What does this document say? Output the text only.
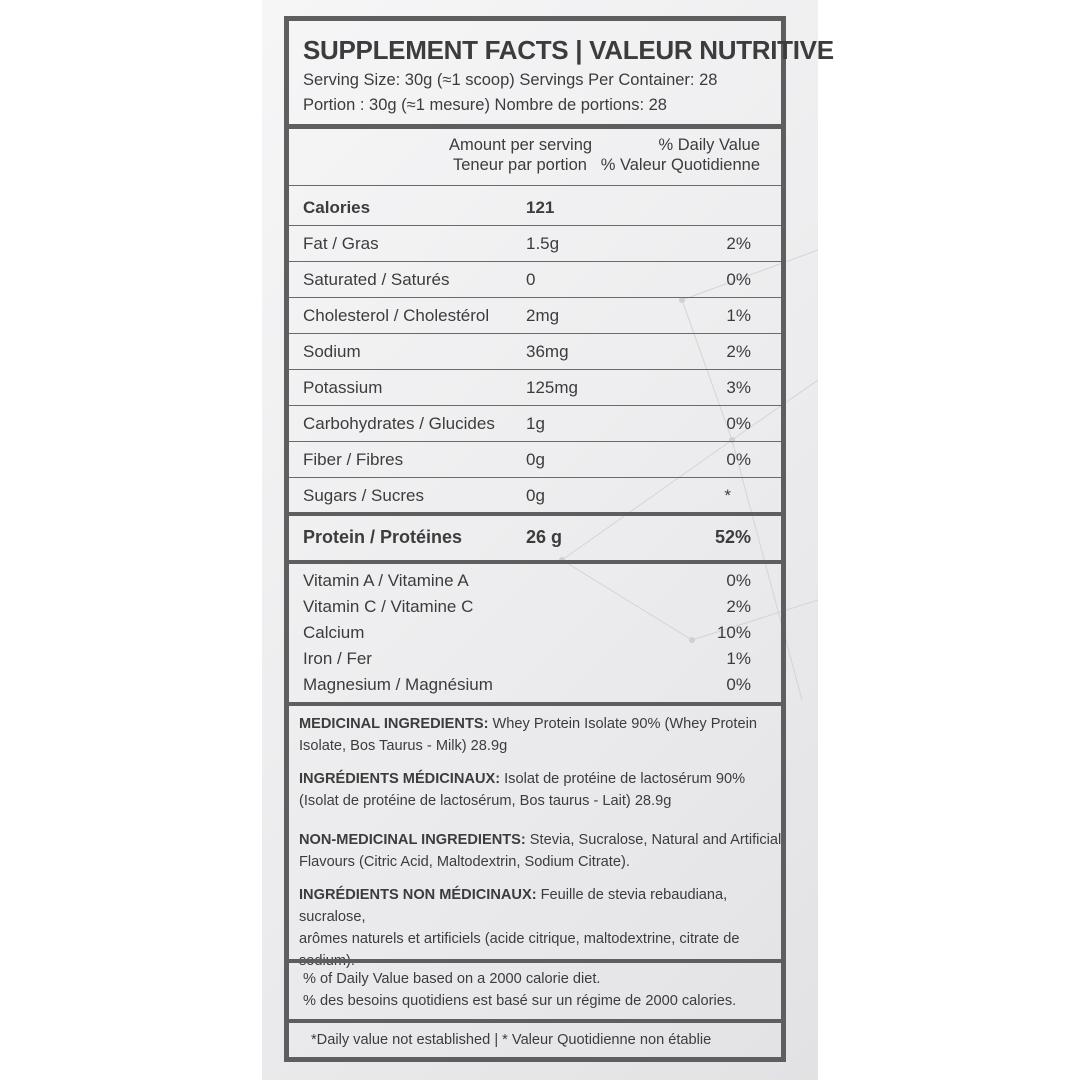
SUPPLEMENT FACTS | VALEUR NUTRITIVE
Serving Size: 30g (≈1 scoop) Servings Per Container: 28
Portion : 30g (≈1 mesure) Nombre de portions: 28
Amount per serving
Teneur par portion
% Daily Value
% Valeur Quotidienne
Calories	121
Fat / Gras	1.5g	2%
Saturated / Saturés	0	0%
Cholesterol / Cholestérol 2mg	1%
Sodium	36mg	2%
Potassium	125mg	3%
Carbohydrates / Glucides 1g	0%
Fiber / Fibres	0g	0%
Sugars / Sucres	0g	*
Protein / Protéines	26 g	52%
Vitamin A / Vitamine A	0%
Vitamin C / Vitamine C	2%
Calcium	10%
Iron / Fer	1%
Magnesium / Magnésium	0%
MEDICINAL INGREDIENTS: Whey Protein Isolate 90% (Whey Protein
Isolate, Bos Taurus - Milk) 28.9g
INGRÉDIENTS MÉDICINAUX: Isolat de protéine de lactosérum 90%
(Isolat de protéine de lactosérum, Bos taurus - Lait) 28.9g
NON-MEDICINAL INGREDIENTS: Stevia, Sucralose, Natural and Artificial
Flavours (Citric Acid, Maltodextrin, Sodium Citrate).
INGRÉDIENTS NON MÉDICINAUX: Feuille de stevia rebaudiana, sucralose,
arômes naturels et artificiels (acide citrique, maltodextrine, citrate de

% of Daily Value based on a 2000 calorie diet.
% des besoins quotidiens est basé sur un régime de 2000 calories.
*Daily value not established | * Valeur Quotidienne non établie
